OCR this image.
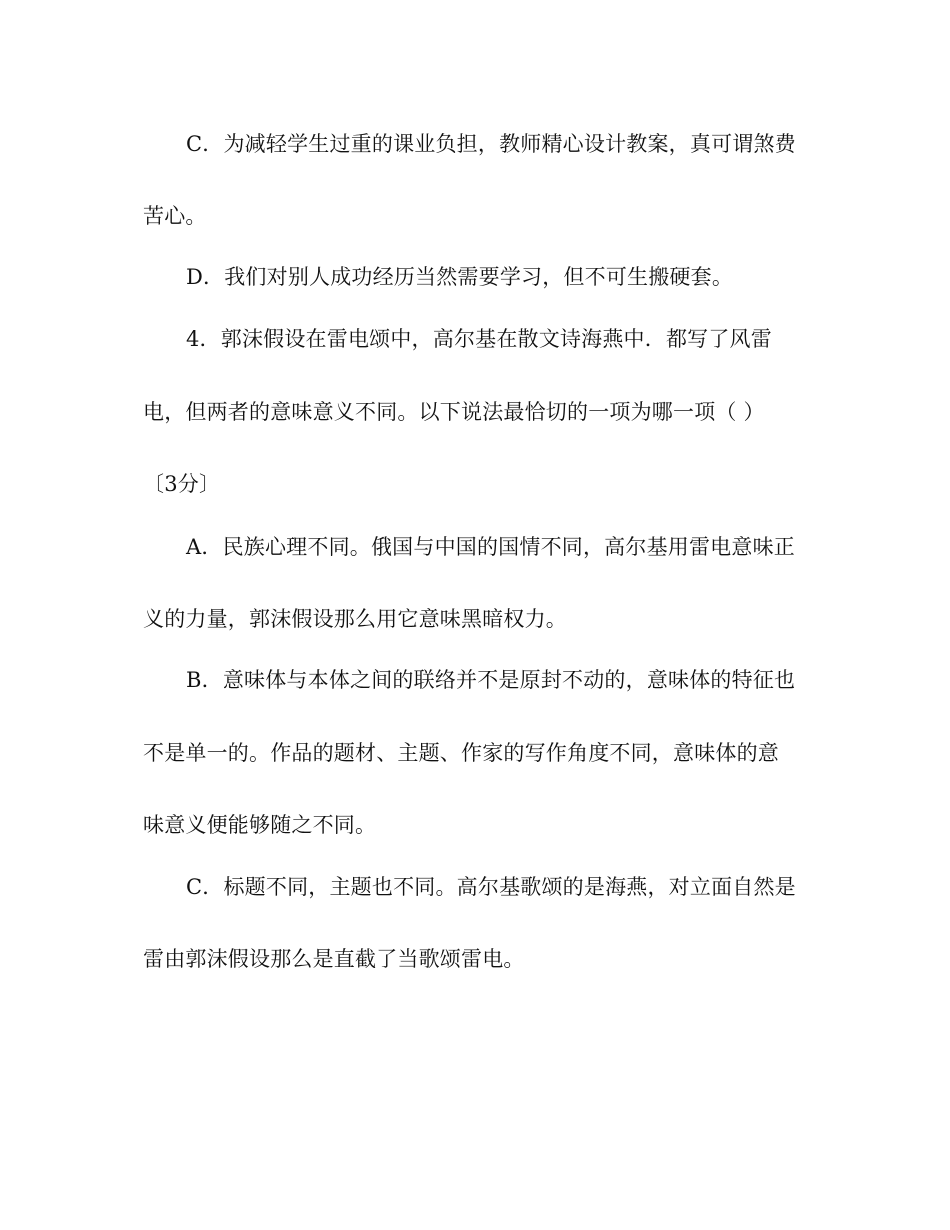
C．为减轻学生过重的课业负担，教师精心设计教案，真可谓煞费
苦心。
D．我们对别人成功经历当然需要学习，但不可生搬硬套。
4．郭沫假设在雷电颂中，高尔基在散文诗海燕中．都写了风雷
电，但两者的意味意义不同。以下说法最恰切的一项为哪一项（ ）
〔3分〕
A．民族心理不同。俄国与中国的国情不同，高尔基用雷电意味正
义的力量，郭沫假设那么用它意味黑暗权力。
B．意味体与本体之间的联络并不是原封不动的，意味体的特征也
不是单一的。作品的题材、主题、作家的写作角度不同，意味体的意
味意义便能够随之不同。
C．标题不同，主题也不同。高尔基歌颂的是海燕，对立面自然是
雷由郭沫假设那么是直截了当歌颂雷电。
